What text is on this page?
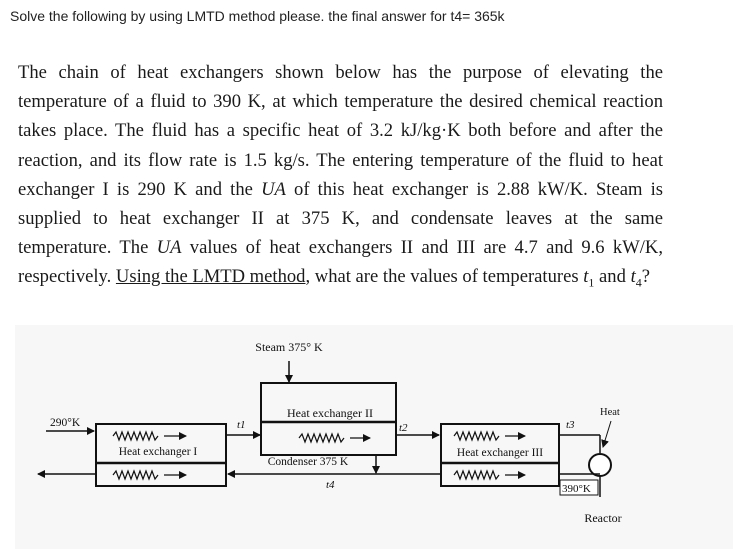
Solve the following by using LMTD method please. the final answer for t4= 365k
The chain of heat exchangers shown below has the purpose of elevating the temperature of a fluid to 390 K, at which temperature the desired chemical reaction takes place. The fluid has a specific heat of 3.2 kJ/kg·K both before and after the reaction, and its flow rate is 1.5 kg/s. The entering temperature of the fluid to heat exchanger I is 290 K and the UA of this heat exchanger is 2.88 kW/K. Steam is supplied to heat exchanger II at 375 K, and condensate leaves at the same temperature. The UA values of heat exchangers II and III are 4.7 and 9.6 kW/K, respectively. Using the LMTD method, what are the values of temperatures $t_1$ and $t_4$?
Steam 375° K
Heat exchanger II
Condenser 375 K
Heat exchanger I	Heat exchanger III
290°K	t1	t2	t3
Heat
390°K
Reactor
t4
